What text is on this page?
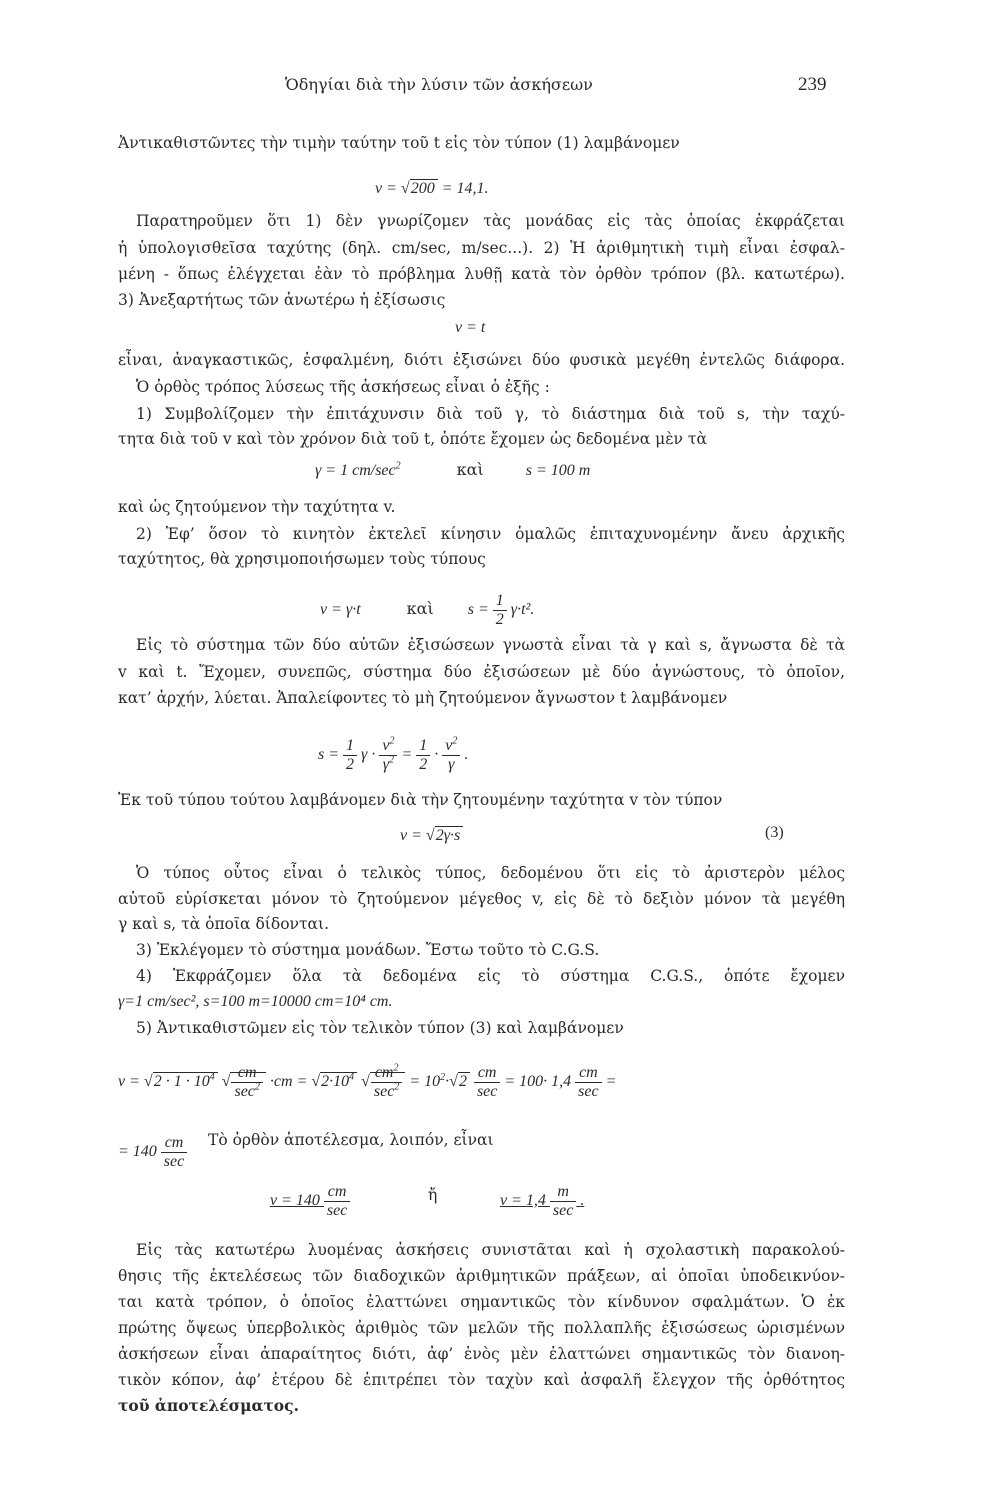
Ὁδηγίαι διὰ τὴν λύσιν τῶν ἀσκήσεων	239
Ἀντικαθιστῶντες τὴν τιμὴν ταύτην τοῦ t εἰς τὸν τύπον (1) λαμβάνομεν
v = √200 = 14,1.
Παρατηροῦμεν ὅτι 1) δὲν γνωρίζομεν τὰς μονάδας εἰς τὰς ὁποίας ἐκφράζεται
ἡ ὑπολογισθεῖσα ταχύτης (δηλ. cm/sec, m/sec...). 2) Ἡ ἀριθμητικὴ τιμὴ εἶναι ἐσφαλ-
μένη - ὅπως ἐλέγχεται ἐὰν τὸ πρόβλημα λυθῇ κατὰ τὸν ὀρθὸν τρόπον (βλ. κατωτέρω).
3) Ἀνεξαρτήτως τῶν ἀνωτέρω ἡ ἐξίσωσις
v = t
εἶναι, ἀναγκαστικῶς, ἐσφαλμένη, διότι ἐξισώνει δύο φυσικὰ μεγέθη ἐντελῶς διάφορα.
Ὁ ὀρθὸς τρόπος λύσεως τῆς ἀσκήσεως εἶναι ὁ ἑξῆς :
1) Συμβολίζομεν τὴν ἐπιτάχυνσιν διὰ τοῦ γ, τὸ διάστημα διὰ τοῦ s, τὴν ταχύ-
τητα διὰ τοῦ v καὶ τὸν χρόνον διὰ τοῦ t, ὁπότε ἔχομεν ὡς δεδομένα μὲν τὰ
γ = 1 $cm/\sec^2$	καὶ	s = 100 m
καὶ ὡς ζητούμενον τὴν ταχύτητα v.
2) Ἐφ’ ὅσον τὸ κινητὸν ἐκτελεῖ κίνησιν ὁμαλῶς ἐπιταχυνομένην ἄνευ ἀρχικῆς
ταχύτητος, θὰ χρησιμοποιήσωμεν τοὺς τύπους
v = γ·t	καὶ $s = \frac{1}{2} \gamma\cdot t^2$.
Εἰς τὸ σύστημα τῶν δύο αὐτῶν ἐξισώσεων γνωστὰ εἶναι τὰ γ καὶ s, ἄγνωστα δὲ τὰ
v καὶ t. Ἔχομεν, συνεπῶς, σύστημα δύο ἐξισώσεων μὲ δύο ἀγνώστους, τὸ ὁποῖον,
κατ’ ἀρχήν, λύεται. Ἀπαλείφοντες τὸ μὴ ζητούμενον ἄγνωστον t λαμβάνομεν
$s = \frac{1}{2}$ $\gamma \cdot \frac{v^2}{\gamma^2} = \frac{1}{2} \cdot \frac{v^2}{\gamma}$ .
Ἐκ τοῦ τύπου τούτου λαμβάνομεν διὰ τὴν ζητουμένην ταχύτητα v τὸν τύπον
v = √2γ·s	(3)
Ὁ τύπος οὗτος εἶναι ὁ τελικὸς τύπος, δεδομένου ὅτι εἰς τὸ ἀριστερὸν μέλος
αὐτοῦ εὑρίσκεται μόνον τὸ ζητούμενον μέγεθος v, εἰς δὲ τὸ δεξιὸν μόνον τὰ μεγέθη
γ καὶ s, τὰ ὁποῖα δίδονται.
3) Ἐκλέγομεν τὸ σύστημα μονάδων. Ἔστω τοῦτο τὸ C.G.S.
4) Ἐκφράζομεν ὅλα τὰ δεδομένα εἰς τὸ σύστημα C.G.S., ὁπότε ἔχομεν
γ=1 cm/sec², s=100 m=10000 cm=10⁴ cm.
5) Ἀντικαθιστῶμεν εἰς τὸν τελικὸν τύπον (3) καὶ λαμβάνομεν
$v = √2 \cdot 1 \cdot 10^4$ √ $\frac{cm}{\sec^2} \cdot cm = √2\cdot 10^4$ √ $\frac{cm^2}{\sec^2} = 10^2\cdot√2 \frac{cm}{\sec} = 100\cdot 1,4 \frac{cm}{\sec}$ =
= $140 \frac{cm}{\sec}$ Τὸ ὀρθὸν ἀποτέλεσμα, λοιπόν, εἶναι
$v = 140 \frac{cm}{\sec}$	ἤ	$v = 1,4 \frac{m}{\sec}$ .
Εἰς τὰς κατωτέρω λυομένας ἀσκήσεις συνιστᾶται καὶ ἡ σχολαστικὴ παρακολού-
θησις τῆς ἐκτελέσεως τῶν διαδοχικῶν ἀριθμητικῶν πράξεων, αἱ ὁποῖαι ὑποδεικνύον-
ται κατὰ τρόπον, ὁ ὁποῖος ἐλαττώνει σημαντικῶς τὸν κίνδυνον σφαλμάτων. Ὁ ἐκ
πρώτης ὄψεως ὑπερβολικὸς ἀριθμὸς τῶν μελῶν τῆς πολλαπλῆς ἐξισώσεως ὡρισμένων
ἀσκήσεων εἶναι ἀπαραίτητος διότι, ἀφ’ ἑνὸς μὲν ἐλαττώνει σημαντικῶς τὸν διανοη-
τικὸν κόπον, ἀφ’ ἑτέρου δὲ ἐπιτρέπει τὸν ταχὺν καὶ ἀσφαλῆ ἔλεγχον τῆς ὀρθότητος
τοῦ ἀποτελέσματος.
